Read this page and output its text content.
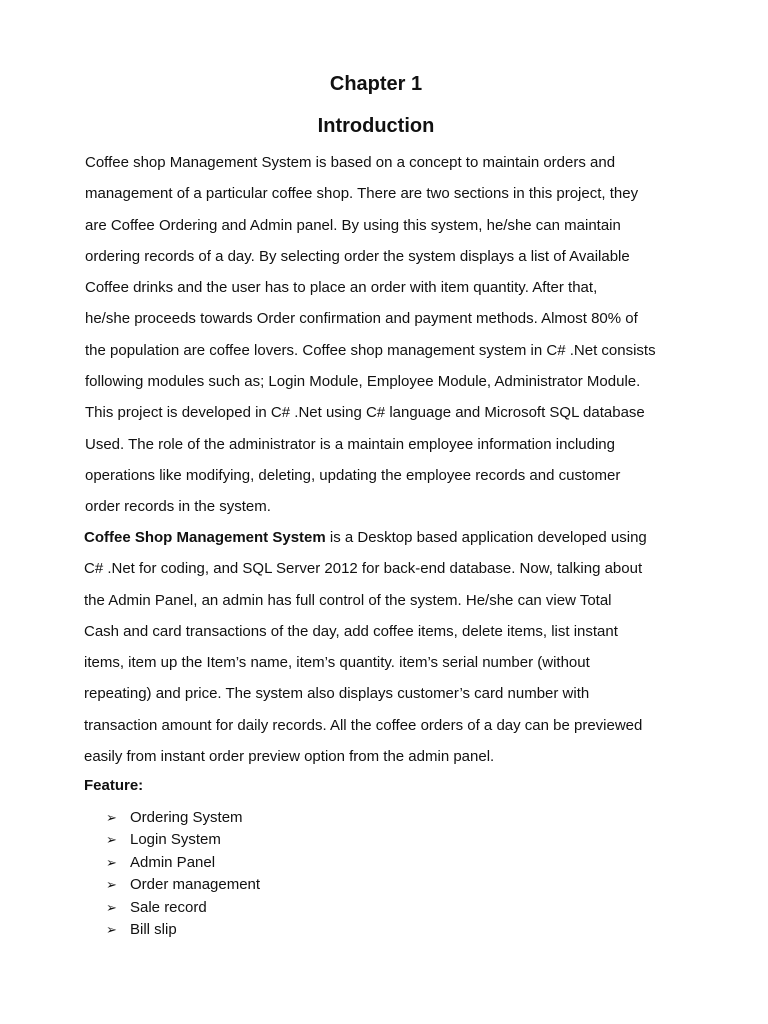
Chapter 1
Introduction
Coffee shop Management System is based on a concept to maintain orders and
management of a particular coffee shop. There are two sections in this project, they
are Coffee Ordering and Admin panel. By using this system, he/she can maintain
ordering records of a day. By selecting order the system displays a list of Available
Coffee drinks and the user has to place an order with item quantity. After that,
he/she proceeds towards Order confirmation and payment methods. Almost 80% of
the population are coffee lovers. Coffee shop management system in C# .Net consists
following modules such as; Login Module, Employee Module, Administrator Module.
This project is developed in C# .Net using C# language and Microsoft SQL database
Used. The role of the administrator is a maintain employee information including
operations like modifying, deleting, updating the employee records and customer
order records in the system.
Coffee Shop Management System is a Desktop based application developed using
C# .Net for coding, and SQL Server 2012 for back-end database. Now, talking about
the Admin Panel, an admin has full control of the system. He/she can view Total
Cash and card transactions of the day, add coffee items, delete items, list instant
items, item up the Item’s name, item’s quantity. item’s serial number (without
repeating) and price. The system also displays customer’s card number with
transaction amount for daily records. All the coffee orders of a day can be previewed
easily from instant order preview option from the admin panel.
Feature:
➢ Ordering System
➢ Login System
➢ Admin Panel
➢ Order management
➢ Sale record
➢ Bill slip
